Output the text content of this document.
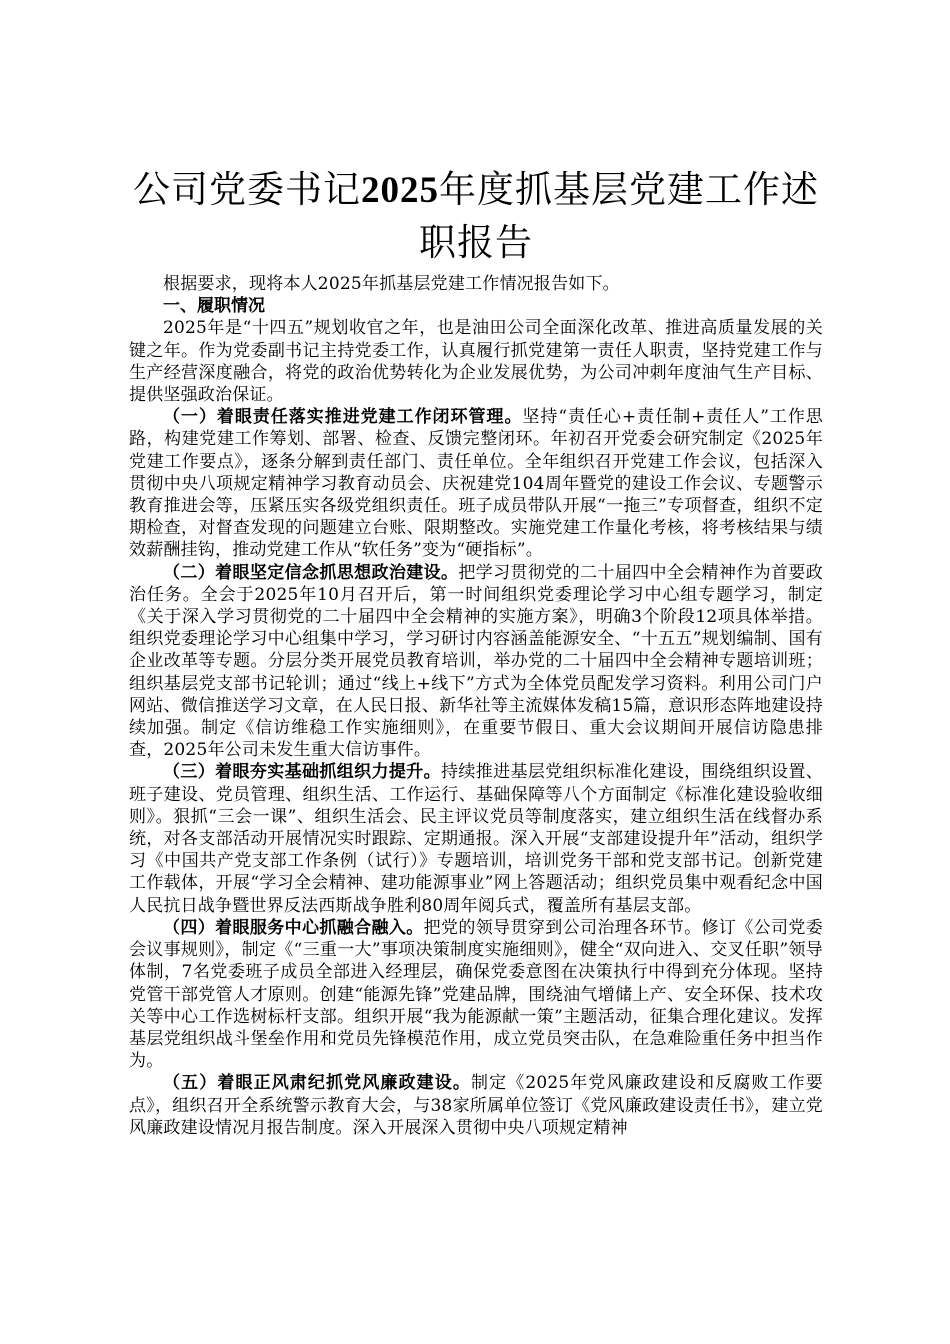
公司党委书记2025年度抓基层党建工作述职报告

根据要求，现将本人2025年抓基层党建工作情况报告如下。

一、履职情况

2025年是“十四五”规划收官之年，也是油田公司全面深化改革、推进高质量发展的关键之年。作为党委副书记主持党委工作，认真履行抓党建第一责任人职责，坚持党建工作与生产经营深度融合，将党的政治优势转化为企业发展优势，为公司冲刺年度油气生产目标、提供坚强政治保证。

（一）着眼责任落实推进党建工作闭环管理。坚持“责任心+责任制+责任人”工作思路，构建党建工作筹划、部署、检查、反馈完整闭环。年初召开党委会研究制定《2025年党建工作要点》，逐条分解到责任部门、责任单位。全年组织召开党建工作会议，包括深入贯彻中央八项规定精神学习教育动员会、庆祝建党104周年暨党的建设工作会议、专题警示教育推进会等，压紧压实各级党组织责任。班子成员带队开展“一拖三”专项督查，组织不定期检查，对督查发现的问题建立台账、限期整改。实施党建工作量化考核，将考核结果与绩效薪酬挂钩，推动党建工作从“软任务”变为“硬指标”。

（二）着眼坚定信念抓思想政治建设。把学习贯彻党的二十届四中全会精神作为首要政治任务。全会于2025年10月召开后，第一时间组织党委理论学习中心组专题学习，制定《关于深入学习贯彻党的二十届四中全会精神的实施方案》，明确3个阶段12项具体举措。组织党委理论学习中心组集中学习，学习研讨内容涵盖能源安全、“十五五”规划编制、国有企业改革等专题。分层分类开展党员教育培训，举办党的二十届四中全会精神专题培训班；组织基层党支部书记轮训；通过“线上+线下”方式为全体党员配发学习资料。利用公司门户网站、微信推送学习文章，在人民日报、新华社等主流媒体发稿15篇，意识形态阵地建设持续加强。制定《信访维稳工作实施细则》，在重要节假日、重大会议期间开展信访隐患排查，2025年公司未发生重大信访事件。

（三）着眼夯实基础抓组织力提升。持续推进基层党组织标准化建设，围绕组织设置、班子建设、党员管理、组织生活、工作运行、基础保障等八个方面制定《标准化建设验收细则》。狠抓“三会一课”、组织生活会、民主评议党员等制度落实，建立组织生活在线督办系统，对各支部活动开展情况实时跟踪、定期通报。深入开展“支部建设提升年”活动，组织学习《中国共产党支部工作条例（试行）》专题培训，培训党务干部和党支部书记。创新党建工作载体，开展“学习全会精神、建功能源事业”网上答题活动；组织党员集中观看纪念中国人民抗日战争暨世界反法西斯战争胜利80周年阅兵式，覆盖所有基层支部。

（四）着眼服务中心抓融合融入。把党的领导贯穿到公司治理各环节。修订《公司党委会议事规则》，制定《“三重一大”事项决策制度实施细则》，健全“双向进入、交叉任职”领导体制，7名党委班子成员全部进入经理层，确保党委意图在决策执行中得到充分体现。坚持党管干部党管人才原则。创建“能源先锋”党建品牌，围绕油气增储上产、安全环保、技术攻关等中心工作选树标杆支部。组织开展“我为能源献一策”主题活动，征集合理化建议。发挥基层党组织战斗堡垒作用和党员先锋模范作用，成立党员突击队，在急难险重任务中担当作为。

（五）着眼正风肃纪抓党风廉政建设。制定《2025年党风廉政建设和反腐败工作要点》，组织召开全系统警示教育大会，与38家所属单位签订《党风廉政建设责任书》，建立党风廉政建设情况月报告制度。深入开展深入贯彻中央八项规定精神
